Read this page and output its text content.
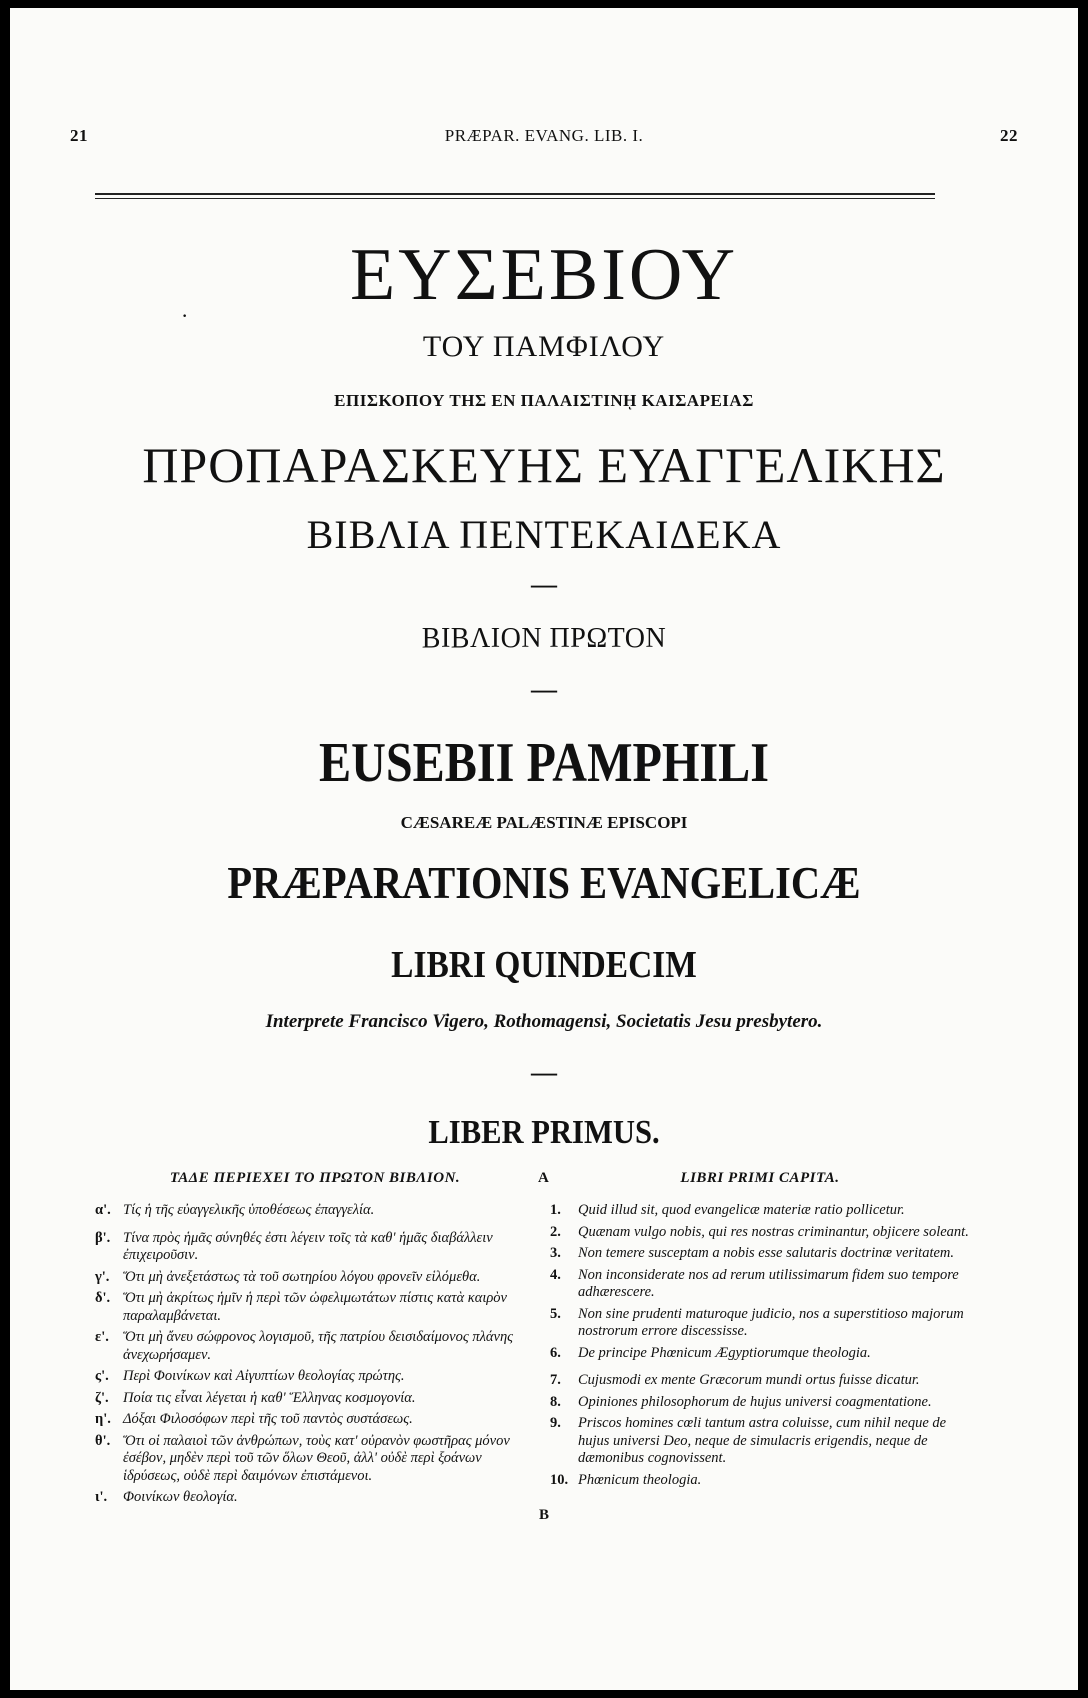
21	PRÆPAR. EVANG. LIB. I.	22
·
ΕΥΣΕΒΙΟΥ
ΤΟΥ ΠΑΜΦΙΛΟΥ
ΕΠΙΣΚΟΠΟΥ ΤΗΣ ΕΝ ΠΑΛΑΙΣΤΙΝῌ ΚΑΙΣΑΡΕΙΑΣ
ΠΡΟΠΑΡΑΣΚΕΥΗΣ ΕΥΑΓΓΕΛΙΚΗΣ
ΒΙΒΛΙΑ ΠΕΝΤΕΚΑΙΔΕΚΑ
—
ΒΙΒΛΙΟΝ ΠΡΩΤΟΝ
—
EUSEBII PAMPHILI
CÆSAREÆ PALÆSTINÆ EPISCOPI
PRÆPARATIONIS EVANGELICÆ
LIBRI QUINDECIM
Interprete Francisco Vigero, Rothomagensi, Societatis Jesu presbytero.
—
LIBER PRIMUS.
A
B
ΤΑΔΕ ΠΕΡΙΕΧΕΙ ΤΟ ΠΡΩΤΟΝ ΒΙΒΛΙΟΝ.
α'. Τίς ἡ τῆς εὐαγγελικῆς ὑποθέσεως ἐπαγγελία.
β'. Τίνα πρὸς ἡμᾶς σύνηθές ἐστι λέγειν τοῖς τὰ καθ' ἡμᾶς διαβάλλειν ἐπιχειροῦσιν.
γ'. Ὅτι μὴ ἀνεξετάστως τὰ τοῦ σωτηρίου λόγου φρονεῖν εἱλόμεθα.
δ'. Ὅτι μὴ ἀκρίτως ἡμῖν ἡ περὶ τῶν ὠφελιμωτάτων πίστις κατὰ καιρὸν παραλαμβάνεται.
ε'. Ὅτι μὴ ἄνευ σώφρονος λογισμοῦ, τῆς πατρίου δεισιδαίμονος πλάνης ἀνεχωρήσαμεν.
ς'. Περὶ Φοινίκων καὶ Αἰγυπτίων θεολογίας πρώτης.
ζ'. Ποία τις εἶναι λέγεται ἡ καθ' Ἕλληνας κοσμογονία.
η'. Δόξαι Φιλοσόφων περὶ τῆς τοῦ παντὸς συστάσεως.
θ'. Ὅτι οἱ παλαιοὶ τῶν ἀνθρώπων, τοὺς κατ' οὐρανὸν φωστῆρας μόνον ἐσέβον, μηδὲν περὶ τοῦ τῶν ὅλων Θεοῦ, ἀλλ' οὐδὲ περὶ ξοάνων ἱδρύσεως, οὐδὲ περὶ δαιμόνων ἐπιστάμενοι.
ι'.	Φοινίκων θεολογία.
LIBRI PRIMI CAPITA.
1.	Quid illud sit, quod evangelicæ materiæ ratio pollicetur.
2.	Quænam vulgo nobis, qui res nostras criminantur, objicere soleant.
3.	Non temere susceptam a nobis esse salutaris doctrinæ veritatem.
4.	Non inconsiderate nos ad rerum utilissimarum fidem suo tempore adhærescere.
5.	Non sine prudenti maturoque judicio, nos a superstitioso majorum nostrorum errore discessisse.
6.	De principe Phœnicum Ægyptiorumque theologia.
7.	Cujusmodi ex mente Græcorum mundi ortus fuisse dicatur.
8.	Opiniones philosophorum de hujus universi coagmentatione.
9.	Priscos homines cœli tantum astra coluisse, cum nihil neque de hujus universi Deo, neque de simulacris erigendis, neque de dæmonibus cognovissent.
10. Phœnicum theologia.
